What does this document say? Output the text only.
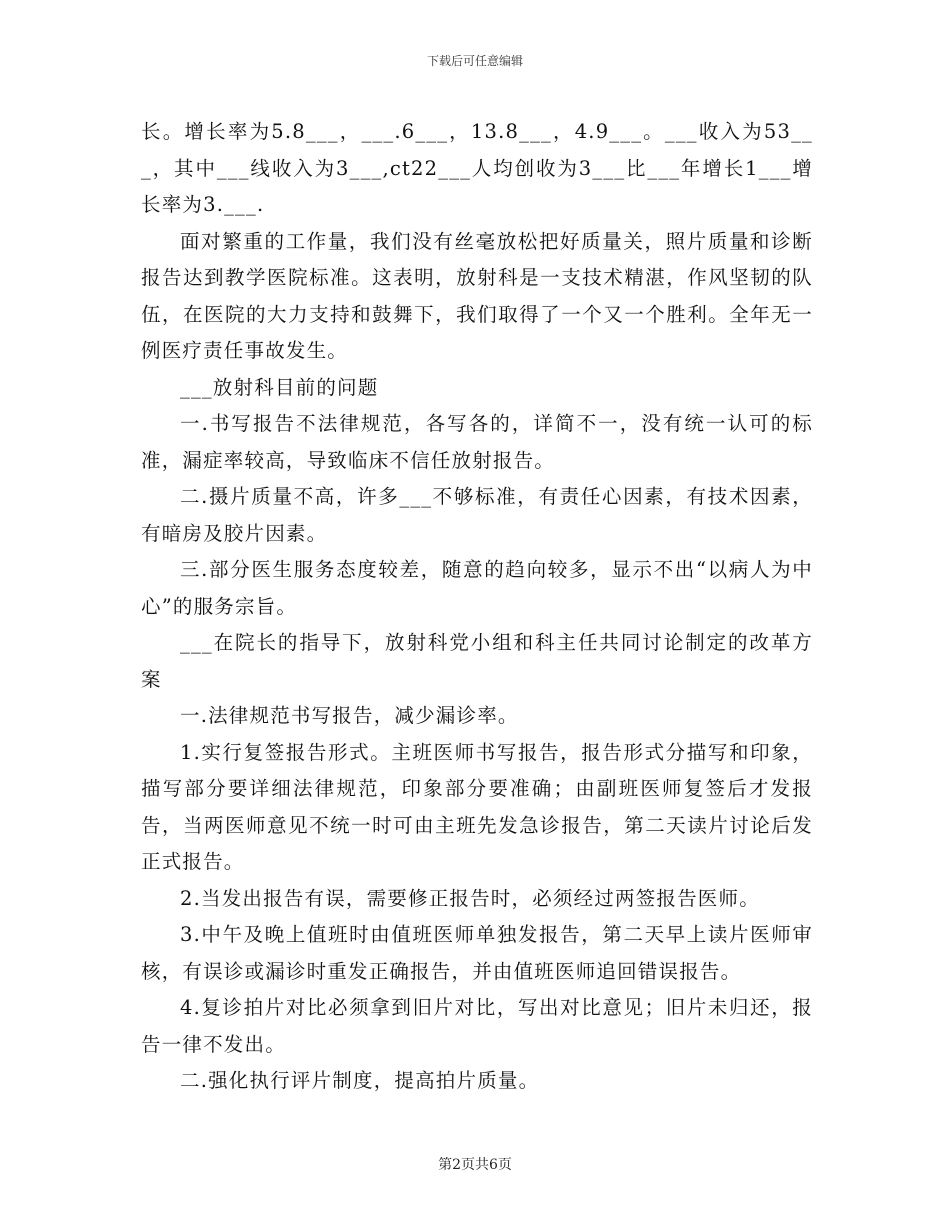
下载后可任意编辑

长。增长率为5.8___，___.6___，13.8___，4.9___。___收入为53___，其中___线收入为3___,ct22___人均创收为3___比___年增长1___增长率为3.___.

面对繁重的工作量，我们没有丝毫放松把好质量关，照片质量和诊断报告达到教学医院标准。这表明，放射科是一支技术精湛，作风坚韧的队伍，在医院的大力支持和鼓舞下，我们取得了一个又一个胜利。全年无一例医疗责任事故发生。

___放射科目前的问题

一.书写报告不法律规范，各写各的，详简不一，没有统一认可的标准，漏症率较高，导致临床不信任放射报告。

二.摄片质量不高，许多___不够标准，有责任心因素，有技术因素，有暗房及胶片因素。

三.部分医生服务态度较差，随意的趋向较多，显示不出“以病人为中心”的服务宗旨。

___在院长的指导下，放射科党小组和科主任共同讨论制定的改革方案

一.法律规范书写报告，减少漏诊率。

1.实行复签报告形式。主班医师书写报告，报告形式分描写和印象，描写部分要详细法律规范，印象部分要准确；由副班医师复签后才发报告，当两医师意见不统一时可由主班先发急诊报告，第二天读片讨论后发正式报告。

2.当发出报告有误，需要修正报告时，必须经过两签报告医师。

3.中午及晚上值班时由值班医师单独发报告，第二天早上读片医师审核，有误诊或漏诊时重发正确报告，并由值班医师追回错误报告。

4.复诊拍片对比必须拿到旧片对比，写出对比意见；旧片未归还，报告一律不发出。

二.强化执行评片制度，提高拍片质量。

第2页共6页
